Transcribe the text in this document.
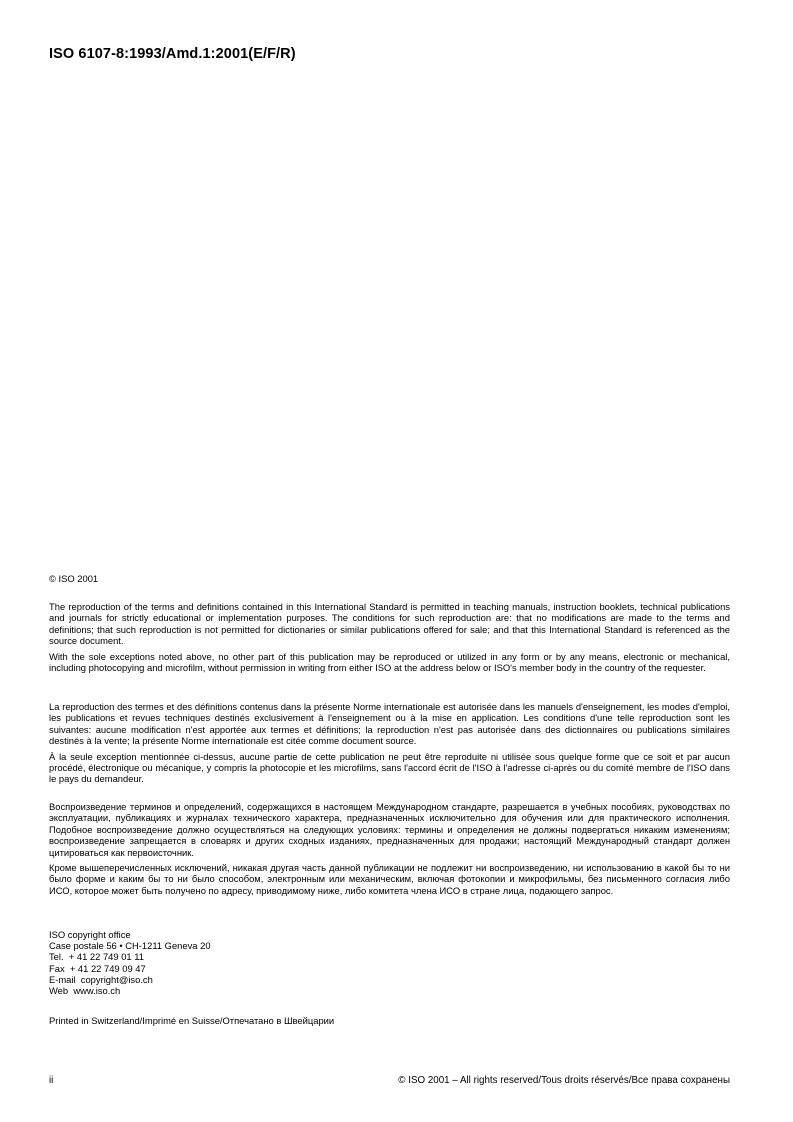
ISO 6107-8:1993/Amd.1:2001(E/F/R)

© ISO 2001

The reproduction of the terms and definitions contained in this International Standard is permitted in teaching manuals, instruction booklets, technical publications and journals for strictly educational or implementation purposes. The conditions for such reproduction are: that no modifications are made to the terms and definitions; that such reproduction is not permitted for dictionaries or similar publications offered for sale; and that this International Standard is referenced as the source document.

With the sole exceptions noted above, no other part of this publication may be reproduced or utilized in any form or by any means, electronic or mechanical, including photocopying and microfilm, without permission in writing from either ISO at the address below or ISO's member body in the country of the requester.

La reproduction des termes et des définitions contenus dans la présente Norme internationale est autorisée dans les manuels d'enseignement, les modes d'emploi, les publications et revues techniques destinés exclusivement à l'enseignement ou à la mise en application. Les conditions d'une telle reproduction sont les suivantes: aucune modification n'est apportée aux termes et définitions; la reproduction n'est pas autorisée dans des dictionnaires ou publications similaires destinés à la vente; la présente Norme internationale est citée comme document source.

À la seule exception mentionnée ci-dessus, aucune partie de cette publication ne peut être reproduite ni utilisée sous quelque forme que ce soit et par aucun procédé, électronique ou mécanique, y compris la photocopie et les microfilms, sans l'accord écrit de l'ISO à l'adresse ci-après ou du comité membre de l'ISO dans le pays du demandeur.

Воспроизведение терминов и определений, содержащихся в настоящем Международном стандарте, разрешается в учебных пособиях, руководствах по эксплуатации, публикациях и журналах технического характера, предназначенных исключительно для обучения или для практического исполнения. Подобное воспроизведение должно осуществляться на следующих условиях: термины и определения не должны подвергаться никаким изменениям; воспроизведение запрещается в словарях и других сходных изданиях, предназначенных для продажи; настоящий Международный стандарт должен цитироваться как первоисточник.

Кроме вышеперечисленных исключений, никакая другая часть данной публикации не подлежит ни воспроизведению, ни использованию в какой бы то ни было форме и каким бы то ни было способом, электронным или механическим, включая фотокопии и микрофильмы, без письменного согласия либо ИСО, которое может быть получено по адресу, приводимому ниже, либо комитета члена ИСО в стране лица, подающего запрос.

ISO copyright office
Case postale 56 • CH-1211 Geneva 20
Tel.  + 41 22 749 01 11
Fax  + 41 22 749 09 47
E-mail  copyright@iso.ch
Web  www.iso.ch

Printed in Switzerland/Imprimé en Suisse/Отпечатано в Швейцарии

ii	© ISO 2001 – All rights reserved/Tous droits réservés/Все права сохранены
